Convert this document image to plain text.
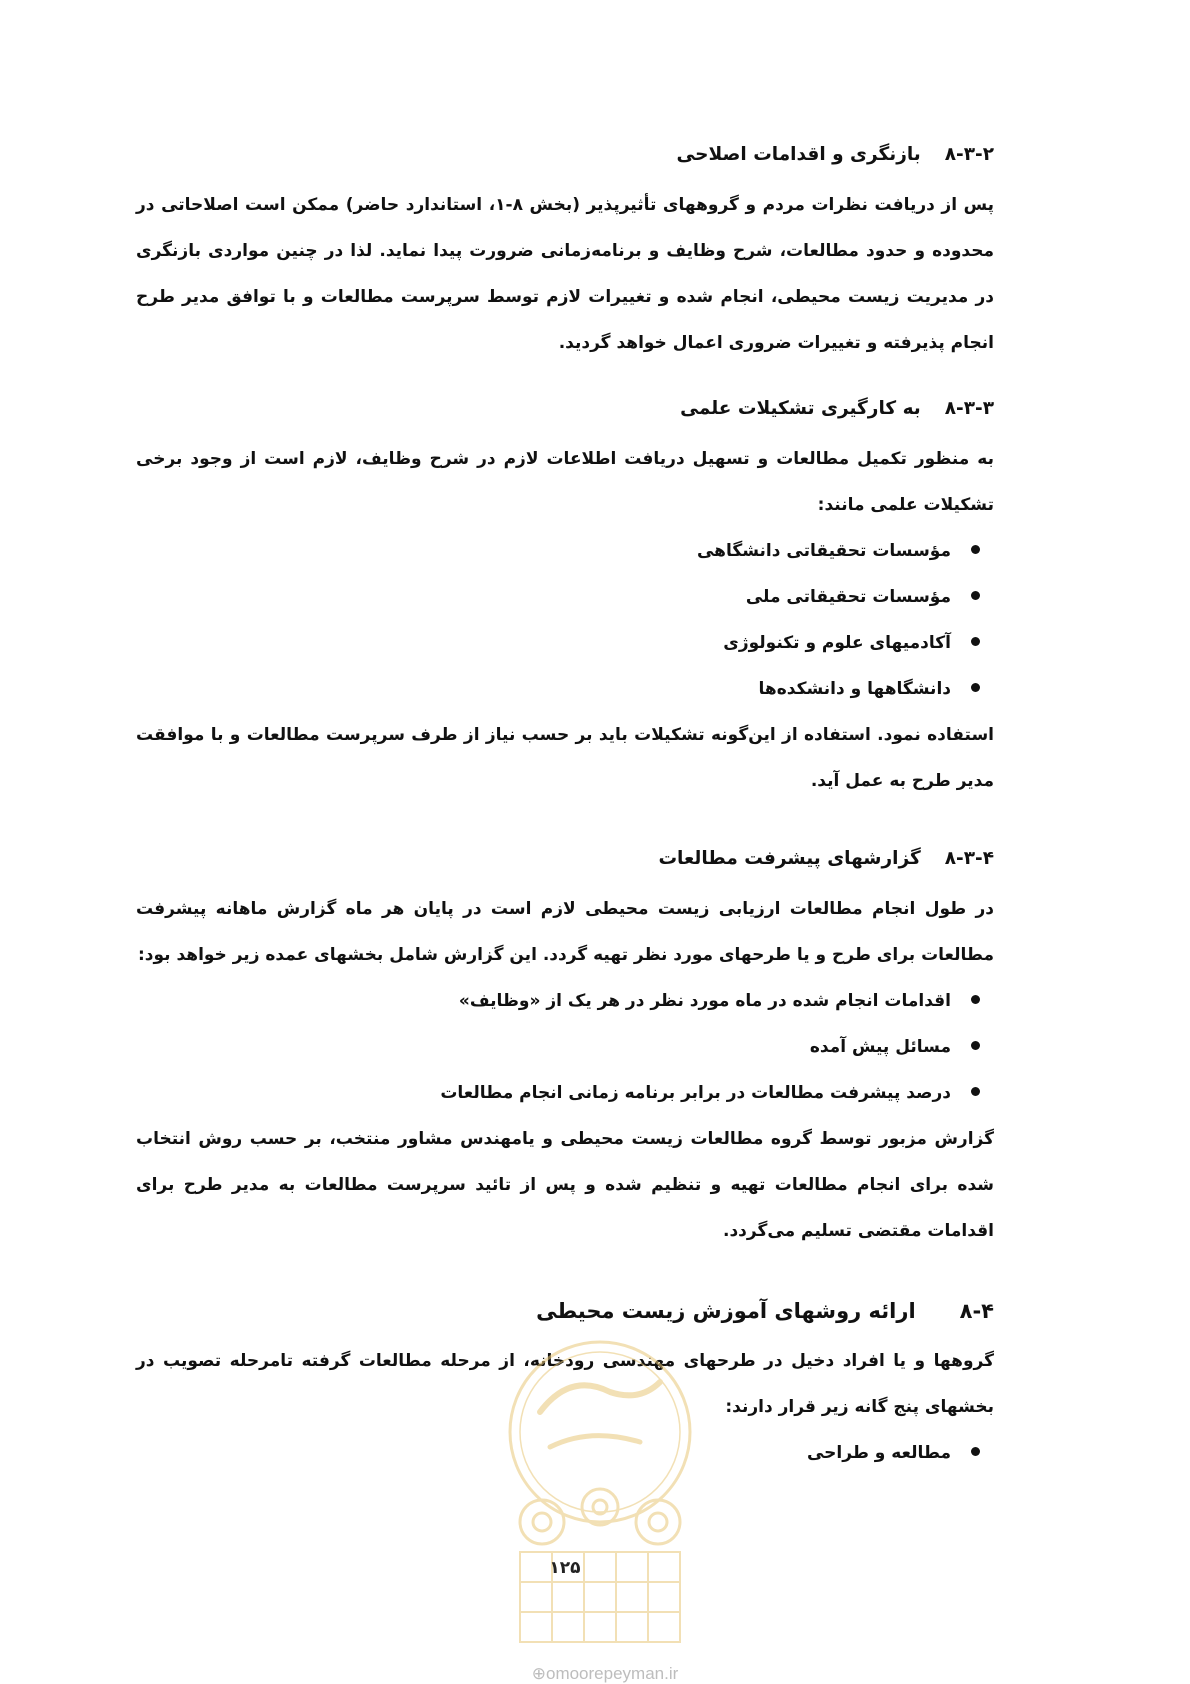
۸-۳-۲بازنگری و اقدامات اصلاحی

پس از دریافت نظرات مردم و گروههای تأثیرپذیر (بخش ۸-۱، استاندارد حاضر) ممکن است اصلاحاتی در محدوده و حدود مطالعات، شرح وظایف و برنامه‌زمانی ضرورت پیدا نماید. لذا در چنین مواردی بازنگری در مدیریت زیست محیطی، انجام شده و تغییرات لازم توسط سرپرست مطالعات و با توافق مدیر طرح انجام پذیرفته و تغییرات ضروری اعمال خواهد گردید.

۸-۳-۳به کارگیری تشکیلات علمی

به منظور تکمیل مطالعات و تسهیل دریافت اطلاعات لازم در شرح وظایف، لازم است از وجود برخی تشکیلات علمی مانند:

مؤسسات تحقیقاتی دانشگاهی
مؤسسات تحقیقاتی ملی
آکادمیهای علوم و تکنولوژی
دانشگاهها و دانشکده‌ها

استفاده نمود. استفاده از این‌گونه تشکیلات باید بر حسب نیاز از طرف سرپرست مطالعات و با موافقت مدیر طرح به عمل آید.

۸-۳-۴گزارشهای پیشرفت مطالعات

در طول انجام مطالعات ارزیابی زیست محیطی لازم است در پایان هر ماه گزارش ماهانه پیشرفت مطالعات برای طرح و یا طرحهای مورد نظر تهیه گردد. این گزارش شامل بخشهای عمده زیر خواهد بود:

اقدامات انجام شده در ماه مورد نظر در هر یک از «وظایف»
مسائل پیش آمده
درصد پیشرفت مطالعات در برابر برنامه زمانی انجام مطالعات

گزارش مزبور توسط گروه مطالعات زیست محیطی و یامهندس مشاور منتخب، بر حسب روش انتخاب شده برای انجام مطالعات تهیه و تنظیم شده و پس از تائید سرپرست مطالعات به مدیر طرح برای اقدامات مقتضی تسلیم می‌گردد.

۸-۴ارائه روشهای آموزش زیست محیطی

گروهها و یا افراد دخیل در طرحهای مهندسی رودخانه، از مرحله مطالعات گرفته تامرحله تصویب در بخشهای پنج گانه زیر قرار دارند:

مطالعه و طراحی
۱۲۵
⊕omoorepeyman.ir
